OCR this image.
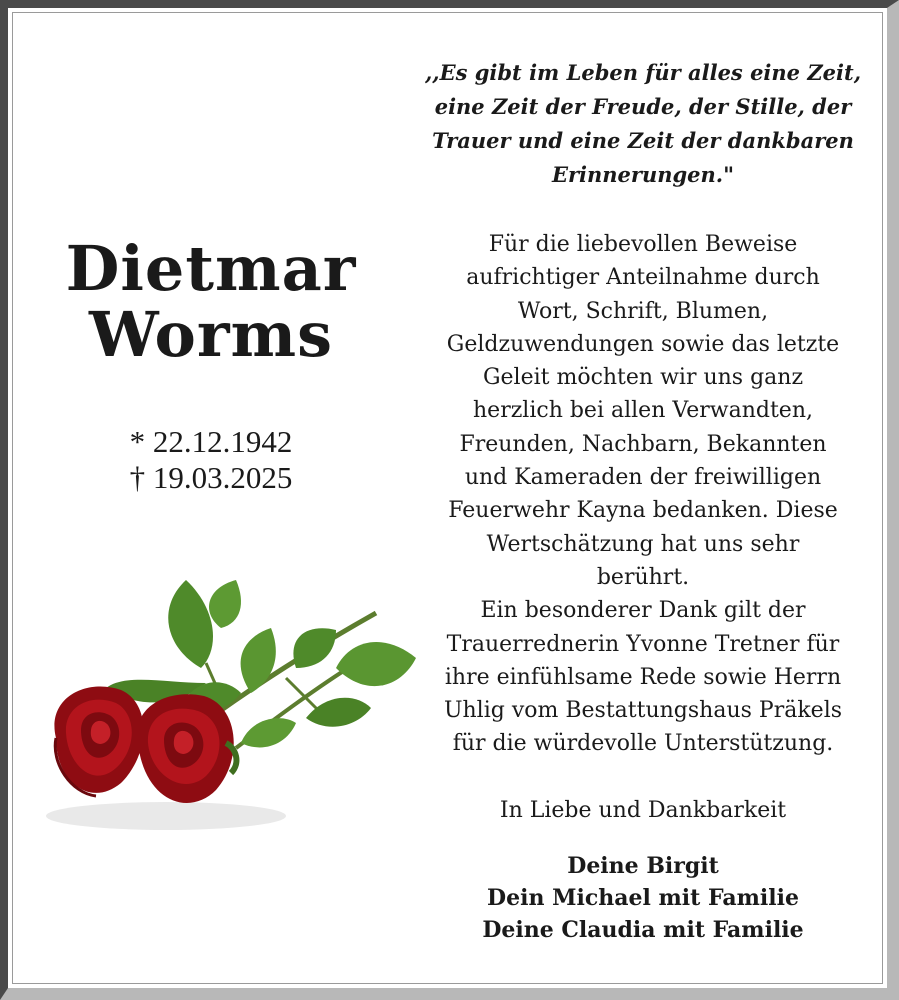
Dietmar
Worms
* 22.12.1942
† 19.03.2025
,,Es gibt im Leben für alles eine Zeit,
eine Zeit der Freude, der Stille, der
Trauer und eine Zeit der dankbaren
Erinnerungen."
Für die liebevollen Beweise
aufrichtiger Anteilnahme durch
Wort, Schrift, Blumen,
Geldzuwendungen sowie das letzte
Geleit möchten wir uns ganz
herzlich bei allen Verwandten,
Freunden, Nachbarn, Bekannten
und Kameraden der freiwilligen
Feuerwehr Kayna bedanken. Diese
Wertschätzung hat uns sehr
berührt.
Ein besonderer Dank gilt der
Trauerrednerin Yvonne Tretner für
ihre einfühlsame Rede sowie Herrn
Uhlig vom Bestattungshaus Präkels
für die würdevolle Unterstützung.
In Liebe und Dankbarkeit
Deine Birgit
Dein Michael mit Familie
Deine Claudia mit Familie
